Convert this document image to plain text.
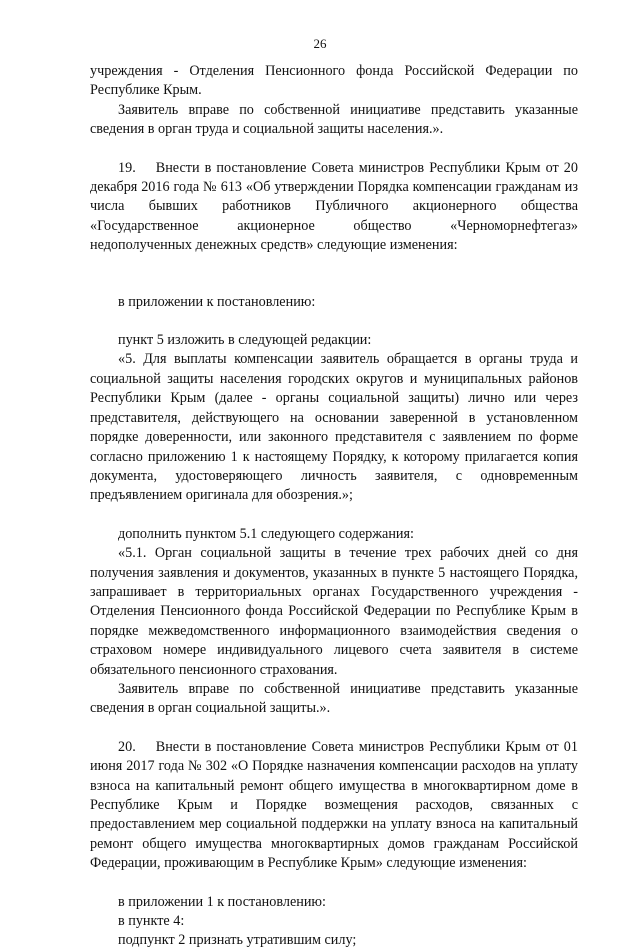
26

учреждения - Отделения Пенсионного фонда Российской Федерации по Республике Крым.

Заявитель вправе по собственной инициативе представить указанные сведения в орган труда и социальной защиты населения.».

19. Внести в постановление Совета министров Республики Крым от 20 декабря 2016 года № 613 «Об утверждении Порядка компенсации гражданам из числа бывших работников Публичного акционерного общества «Государственное акционерное общество «Черноморнефтегаз» недополученных денежных средств» следующие изменения:

в приложении к постановлению:

пункт 5 изложить в следующей редакции:

«5. Для выплаты компенсации заявитель обращается в органы труда и социальной защиты населения городских округов и муниципальных районов Республики Крым (далее - органы социальной защиты) лично или через представителя, действующего на основании заверенной в установленном порядке доверенности, или законного представителя с заявлением по форме согласно приложению 1 к настоящему Порядку, к которому прилагается копия документа, удостоверяющего личность заявителя, с одновременным предъявлением оригинала для обозрения.»;

дополнить пунктом 5.1 следующего содержания:

«5.1. Орган социальной защиты в течение трех рабочих дней со дня получения заявления и документов, указанных в пункте 5 настоящего Порядка, запрашивает в территориальных органах Государственного учреждения - Отделения Пенсионного фонда Российской Федерации по Республике Крым в порядке межведомственного информационного взаимодействия сведения о страховом номере индивидуального лицевого счета заявителя в системе обязательного пенсионного страхования.

Заявитель вправе по собственной инициативе представить указанные сведения в орган социальной защиты.».

20. Внести в постановление Совета министров Республики Крым от 01 июня 2017 года № 302 «О Порядке назначения компенсации расходов на уплату взноса на капитальный ремонт общего имущества в многоквартирном доме в Республике Крым и Порядке возмещения расходов, связанных с предоставлением мер социальной поддержки на уплату взноса на капитальный ремонт общего имущества многоквартирных домов гражданам Российской Федерации, проживающим в Республике Крым» следующие изменения:

в приложении 1 к постановлению:

в пункте 4:

подпункт 2 признать утратившим силу;
